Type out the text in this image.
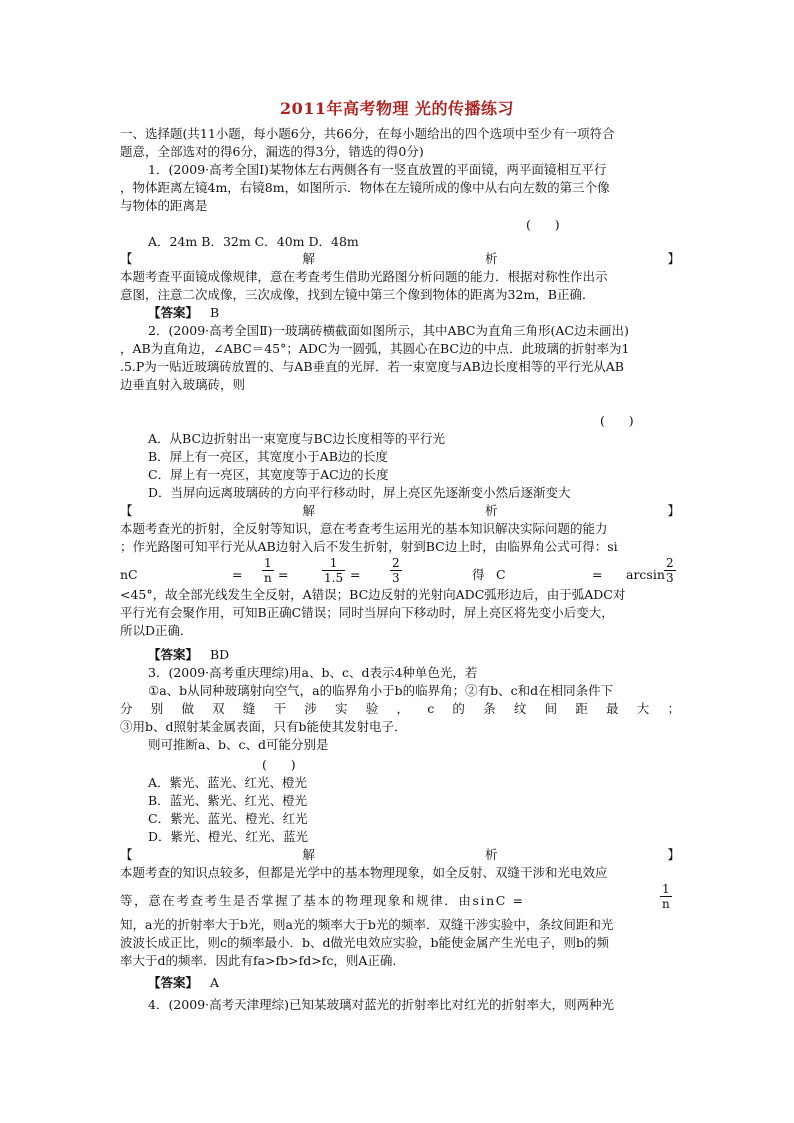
2011年高考物理 光的传播练习
一、选择题(共11小题，每小题6分，共66分，在每小题给出的四个选项中至少有一项符合
题意，全部选对的得6分，漏选的得3分，错选的得0分)
1．(2009·高考全国Ⅰ)某物体左右两侧各有一竖直放置的平面镜，两平面镜相互平行
，物体距离左镜4m，右镜8m，如图所示．物体在左镜所成的像中从右向左数的第三个像
与物体的距离是
(      )
A．24m B．32m C．40m D．48m
【解析】
本题考查平面镜成像规律，意在考查考生借助光路图分析问题的能力．根据对称性作出示
意图，注意二次成像，三次成像，找到左镜中第三个像到物体的距离为32m，B正确．
【答案】 B
2．(2009·高考全国Ⅱ)一玻璃砖横截面如图所示，其中ABC为直角三角形(AC边未画出)
，AB为直角边，∠ABC＝45°；ADC为一圆弧，其圆心在BC边的中点．此玻璃的折射率为1
.5.P为一贴近玻璃砖放置的、与AB垂直的光屏．若一束宽度与AB边长度相等的平行光从AB
边垂直射入玻璃砖，则
(      )
A．从BC边折射出一束宽度与BC边长度相等的平行光
B．屏上有一亮区，其宽度小于AB边的长度
C．屏上有一亮区，其宽度等于AC边的长度
D．当屏向远离玻璃砖的方向平行移动时，屏上亮区先逐渐变小然后逐渐变大
【解析】
本题考查光的折射，全反射等知识，意在考查考生运用光的基本知识解决实际问题的能力
；作光路图可知平行光从AB边射入后不发生折射，射到BC边上时，由临界角公式可得：si
nC	= $\frac{1}{n}$ =	$\frac{1}{1.5} = \frac{2}{3}$	得 C	= $\arcsin \frac{2}{3}$
<45°，故全部光线发生全反射，A错误；BC边反射的光射向ADC弧形边后，由于弧ADC对
平行光有会聚作用，可知B正确C错误；同时当屏向下移动时，屏上亮区将先变小后变大，
所以D正确．
【答案】 BD
3．(2009·高考重庆理综)用a、b、c、d表示4种单色光，若
①a、b从同种玻璃射向空气，a的临界角小于b的临界角；②有b、c和d在相同条件下
分别做双缝干涉实验，c的条纹间距最大；
③用b、d照射某金属表面，只有b能使其发射电子．
则可推断a、b、c、d可能分别是
(      )
A．紫光、蓝光、红光、橙光
B．蓝光、紫光、红光、橙光
C．紫光、蓝光、橙光、红光
D．紫光、橙光、红光、蓝光
【解析】
本题考查的知识点较多，但都是光学中的基本物理现象，如全反射、双缝干涉和光电效应
等，意在考查考生是否掌握了基本的物理现象和规律．由sinC =	$\frac{1}{n}$
知，a光的折射率大于b光，则a光的频率大于b光的频率．双缝干涉实验中，条纹间距和光
波波长成正比，则c的频率最小．b、d做光电效应实验，b能使金属产生光电子，则b的频
率大于d的频率．因此有fa>fb>fd>fc，则A正确．
【答案】 A
4．(2009·高考天津理综)已知某玻璃对蓝光的折射率比对红光的折射率大，则两种光
